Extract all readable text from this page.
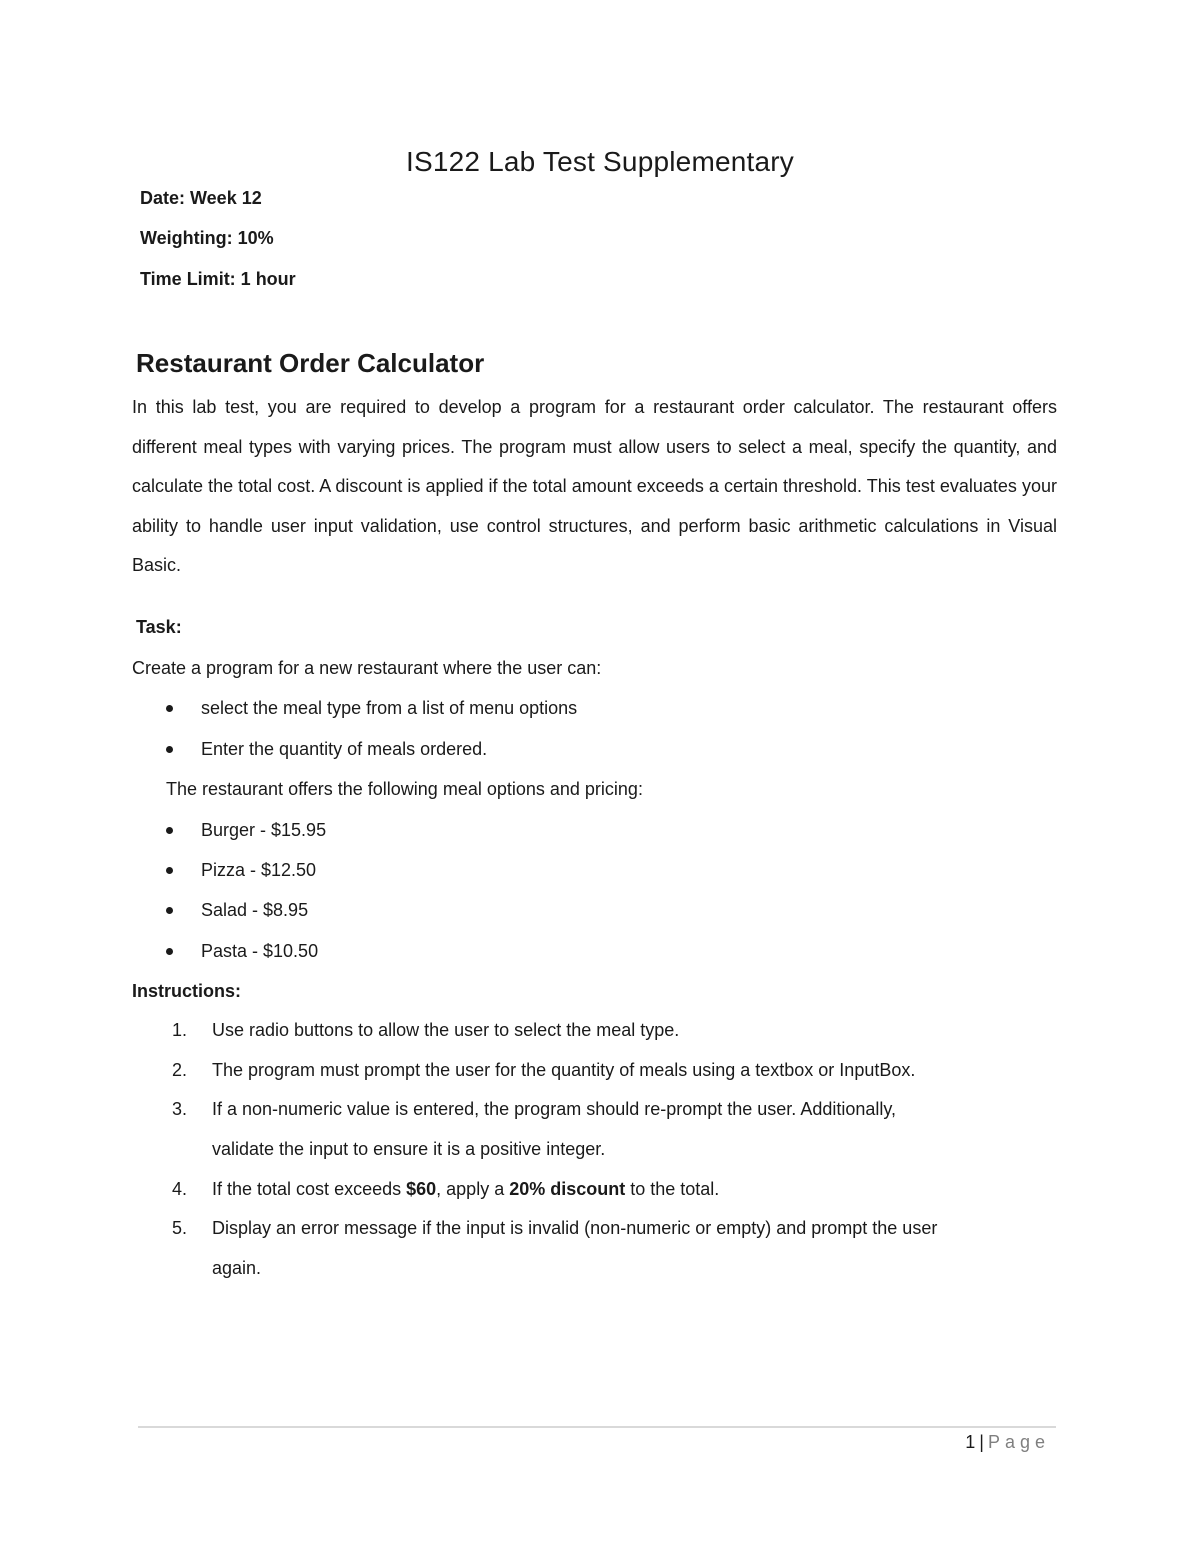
IS122 Lab Test Supplementary
Date: Week 12
Weighting: 10%
Time Limit: 1 hour
Restaurant Order Calculator
In this lab test, you are required to develop a program for a restaurant order calculator. The restaurant offers different meal types with varying prices. The program must allow users to select a meal, specify the quantity, and calculate the total cost. A discount is applied if the total amount exceeds a certain threshold. This test evaluates your ability to handle user input validation, use control structures, and perform basic arithmetic calculations in Visual Basic.
Task:
Create a program for a new restaurant where the user can:
select the meal type from a list of menu options
Enter the quantity of meals ordered.
The restaurant offers the following meal options and pricing:
Burger - $15.95
Pizza - $12.50
Salad - $8.95
Pasta - $10.50
Instructions:
1.	Use radio buttons to allow the user to select the meal type.
2.	The program must prompt the user for the quantity of meals using a textbox or InputBox.
3.	If a non-numeric value is entered, the program should re-prompt the user. Additionally,
validate the input to ensure it is a positive integer.
4.	If the total cost exceeds $60, apply a 20% discount to the total.
5.	Display an error message if the input is invalid (non-numeric or empty) and prompt the user
again.
1 | Page
